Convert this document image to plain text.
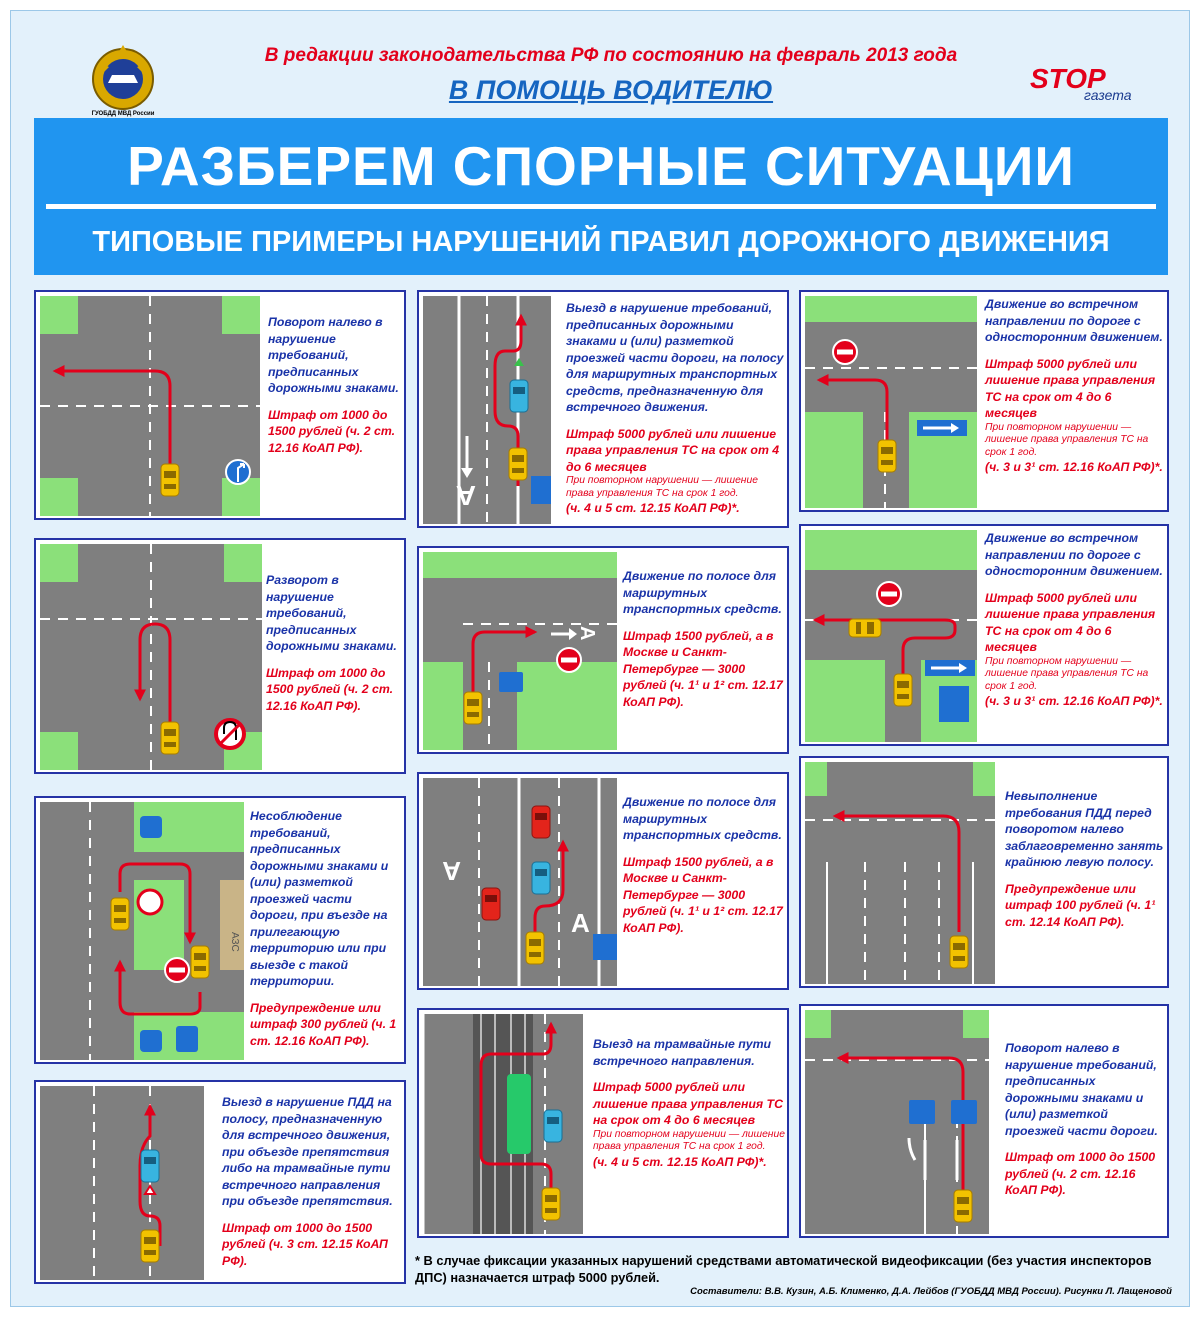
ГУОБДД МВД России
В редакции законодательства РФ по состоянию на февраль 2013 года
В ПОМОЩЬ ВОДИТЕЛЮ	STOP
газета
РАЗБЕРЕМ СПОРНЫЕ СИТУАЦИИ
ТИПОВЫЕ ПРИМЕРЫ НАРУШЕНИЙ ПРАВИЛ ДОРОЖНОГО ДВИЖЕНИЯ
Поворот налево в нарушение требований, предписанных дорожными знаками.
Штраф от 1000 до 1500 рублей (ч. 2 ст. 12.16 КоАП РФ).
Разворот в нарушение требований, предписанных дорожными знаками.
Штраф от 1000 до 1500 рублей (ч. 2 ст. 12.16 КоАП РФ).
АЗС
Несоблюдение требований, предписанных дорожными знаками и (или) разметкой проезжей части дороги, при въезде на прилегающую территорию или при выезде с такой территории.
Предупреждение или штраф 300 рублей (ч. 1 ст. 12.16 КоАП РФ).
Выезд в нарушение ПДД на полосу, предназначенную для встречного движения, при объезде препятствия либо на трамвайные пути встречного направления при объезде препятствия.
Штраф от 1000 до 1500 рублей (ч. 3 ст. 12.15 КоАП РФ).
A
Выезд в нарушение требований, предписанных дорожными знаками и (или) разметкой проезжей части дороги, на полосу для маршрутных транспортных средств, предназначенную для встречного движения.
Штраф 5000 рублей или лишение права управления ТС на срок от 4 до 6 месяцев
При повторном нарушении — лишение права управления ТС на срок 1 год.
(ч. 4 и 5 ст. 12.15 КоАП РФ)*.
A
Движение по полосе для маршрутных транспортных средств.
Штраф 1500 рублей, а в Москве и Санкт-Петербурге — 3000 рублей (ч. 1¹ и 1² ст. 12.17 КоАП РФ).
A
A
Движение по полосе для маршрутных транспортных средств.
Штраф 1500 рублей, а в Москве и Санкт-Петербурге — 3000 рублей (ч. 1¹ и 1² ст. 12.17 КоАП РФ).
Выезд на трамвайные пути встречного направления.
Штраф 5000 рублей или лишение права управления ТС на срок от 4 до 6 месяцев
При повторном нарушении — лишение права управления ТС на срок 1 год.
(ч. 4 и 5 ст. 12.15 КоАП РФ)*.
Движение во встречном направлении по дороге с односторонним движением.
Штраф 5000 рублей или лишение права управления ТС на срок от 4 до 6 месяцев
При повторном нарушении — лишение права управления ТС на срок 1 год.
(ч. 3 и 3¹ ст. 12.16 КоАП РФ)*.
Движение во встречном направлении по дороге с односторонним движением.
Штраф 5000 рублей или лишение права управления ТС на срок от 4 до 6 месяцев
При повторном нарушении — лишение права управления ТС на срок 1 год.
(ч. 3 и 3¹ ст. 12.16 КоАП РФ)*.
Невыполнение требования ПДД перед поворотом налево заблаговременно занять крайнюю левую полосу.
Предупреждение или штраф 100 рублей (ч. 1¹ ст. 12.14 КоАП РФ).
Поворот налево в нарушение требований, предписанных дорожными знаками и (или) разметкой проезжей части дороги.
Штраф от 1000 до 1500 рублей (ч. 2 ст. 12.16 КоАП РФ).
* В случае фиксации указанных нарушений средствами автоматической видеофиксации (без участия инспекторов ДПС) назначается штраф 5000 рублей.
Составители: В.В. Кузин, А.Б. Клименко, Д.А. Лейбов (ГУОБДД МВД России). Рисунки Л. Лащеновой
